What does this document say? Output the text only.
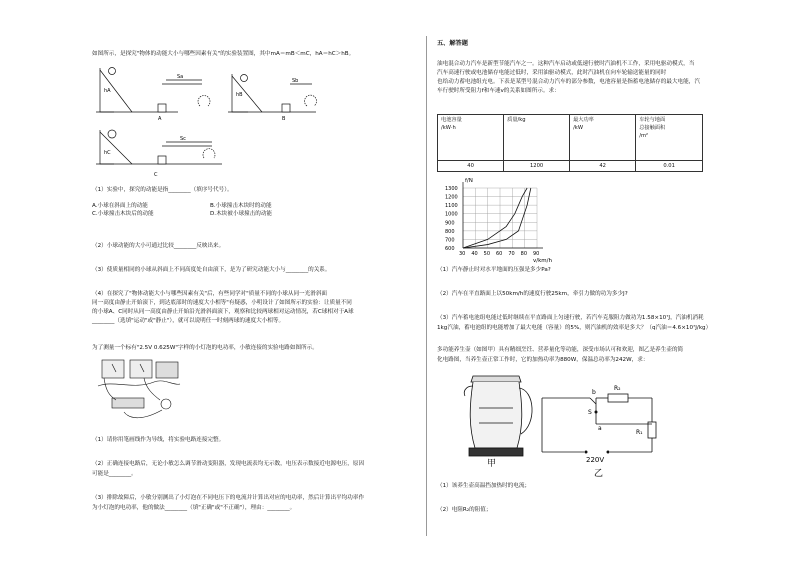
如图所示，是探究"物体的动能大小与哪些因素有关"的实验装置图，其中mA＝mB＜mC，hA＝hC＞hB。

hA
Sa
hB
Sb
A	B
hC
Sc
C

（1）实验中，探究的动能是指________（填序号代号）。

A.小球在斜面上的动能	B.小球撞击木块时的动能

C.小球撞击木块后的动能	D.木块被小球撞击的动能

（2）小球动能的大小可通过比较________反映出来。

（3）使质量相同的小球从斜面上不同高度处自由滚下，是为了研究动能大小与________的关系。

（4）在探究了"物体动能大小与哪些因素有关"后，有些同学对"质量不同的小球从同一光滑斜面

同一高度由静止开始滚下，到达底部时的速度大小相等"有疑惑，小明设计了如图所示的实验：让质量不同

的小球A、C同时从同一高度由静止开始沿光滑斜面滚下，观察和比较两球相对运动情况，若C球相对于A球

________（选填"运动"或"静止"），就可以说明任一时刻两球的速度大小相等。

为了测量一个标有"2.5V 0.625W"字样的小灯泡的电功率，小敏连接的实验电路如图所示。

（1）请你用笔画线作为导线，将实验电路连接完整。

（2）正确连接电路后，无论小敏怎么调节滑动变阻器，发现电流表均无示数，电压表示数接近电源电压，原因

可能是________。

（3）排除故障后，小敏分别测出了小灯泡在不同电压下的电流并计算出对应的电功率，然后计算出平均功率作

为小灯泡的电功率，他的做法________（填"正确"或"不正确"），理由：________。

五、解答题

油电混合动力汽车是新型节能汽车之一。这种汽车启动或低速行驶时汽油机不工作，采用电驱动模式，当

汽车高速行驶或电池储存电能过低时，采用油驱动模式，此时汽油机在向车轮输送能量的同时

也给动力蓄电池组充电。下表是某型号混合动力汽车的部分参数，电池容量是指蓄电池储存的最大电能，汽

车行驶时所受阻力f和车速v的关系如图所示。求：

电池容量
/kW·h	质量/kg	最大功率
/kW	车轮与地面
总接触面积
/m²
40	1200	42	0.01
f/N
v/km/h
30 40 50 60 70 80 90
1300
1200
1100
1000
900
800
700
600

（1）汽车静止时对水平地面的压强是多少Pa?

（2）汽车在平直路面上以50km/h的速度行驶25km，牵引力做的功为多少J?

（3）汽车蓄电池组电能过低时继续在平直路面上匀速行驶，若汽车克服阻力做功为1.58×10⁷J，汽油机消耗

1kg汽油，蓄电池组的电能增加了最大电能（容量）的5%，则汽油机的效率是多大？（q汽油＝4.6×10⁷J/kg）

多功能养生壶（如图甲）具有精细烹饪、营养量化等功能，深受市场认可和欢迎，图乙是养生壶的简

化电路图，当养生壶正常工作时，它的加热功率为880W，保温总功率为242W，求：

甲
b
S
a
R₂
R₁
220V
乙

（1）该养生壶高温挡加热时的电流；

（2）电阻R₂的阻值；
